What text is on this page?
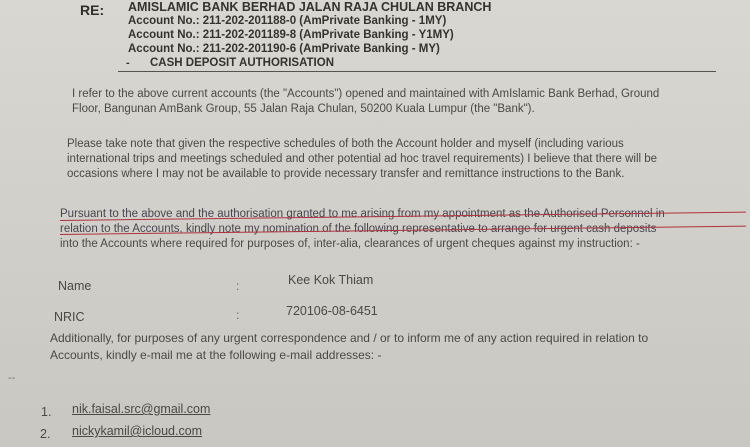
RE: AMISLAMIC BANK BERHAD JALAN RAJA CHULAN BRANCH
Account No.: 211-202-201188-0 (AmPrivate Banking - 1MY)
Account No.: 211-202-201189-8 (AmPrivate Banking - Y1MY)
Account No.: 211-202-201190-6 (AmPrivate Banking - MY)
- CASH DEPOSIT AUTHORISATION
I refer to the above current accounts (the "Accounts") opened and maintained with AmIslamic Bank Berhad, Ground
Floor, Bangunan AmBank Group, 55 Jalan Raja Chulan, 50200 Kuala Lumpur (the "Bank").
Please take note that given the respective schedules of both the Account holder and myself (including various
international trips and meetings scheduled and other potential ad hoc travel requirements) I believe that there will be
occasions where I may not be available to provide necessary transfer and remittance instructions to the Bank.
Pursuant to the above and the authorisation granted to me arising from my appointment as the Authorised Personnel in
relation to the Accounts, kindly note my nomination of the following representative to arrange for urgent cash deposits
into the Accounts where required for purposes of, inter-alia, clearances of urgent cheques against my instruction: -
Name	:	Kee Kok Thiam
NRIC	:	720106-08-6451
Additionally, for purposes of any urgent correspondence and / or to inform me of any action required in relation to
Accounts, kindly e-mail me at the following e-mail addresses: -
--
1. nik.faisal.src@gmail.com
2. nickykamil@icloud.com
